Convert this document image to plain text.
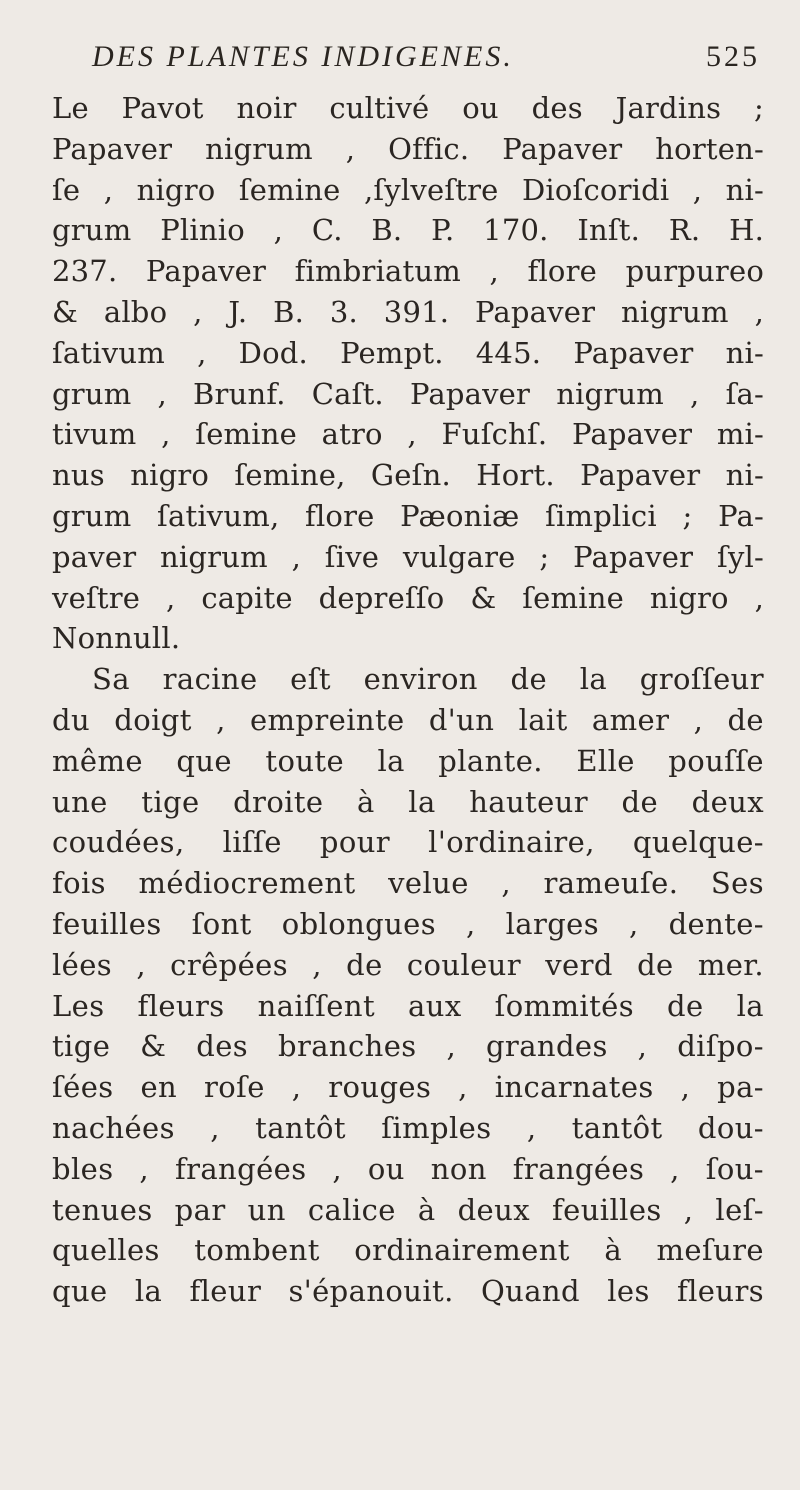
DES PLANTES INDIGENES.	525

Le Pavot noir cultivé ou des Jardins ;
Papaver nigrum , Offic. Papaver horten-
ſe , nigro ſemine ,ſylveſtre Dioſcoridi , ni-
grum Plinio , C. B. P. 170. Inſt. R. H.
237. Papaver fimbriatum , flore purpureo
& albo , J. B. 3. 391. Papaver nigrum ,
ſativum , Dod. Pempt. 445. Papaver ni-
grum , Brunf. Caſt. Papaver nigrum , ſa-
tivum , ſemine atro , Fuſchſ. Papaver mi-
nus nigro ſemine, Geſn. Hort. Papaver ni-
grum ſativum, flore Pæoniæ ſimplici ; Pa-
paver nigrum , ſive vulgare ; Papaver ſyl-
veſtre , capite depreſſo & ſemine nigro ,
Nonnull.

Sa racine eſt environ de la groſſeur
du doigt , empreinte d'un lait amer , de
même que toute la plante. Elle pouſſe
une tige droite à la hauteur de deux
coudées, liſſe pour l'ordinaire, quelque-
fois médiocrement velue , rameuſe. Ses
feuilles ſont oblongues , larges , dente-
lées , crêpées , de couleur verd de mer.
Les fleurs naiſſent aux ſommités de la
tige & des branches , grandes , diſpo-
ſées en roſe , rouges , incarnates , pa-
nachées , tantôt ſimples , tantôt dou-
bles , frangées , ou non frangées , ſou-
tenues par un calice à deux feuilles , leſ-
quelles tombent ordinairement à meſure
que la fleur s'épanouit. Quand les fleurs
